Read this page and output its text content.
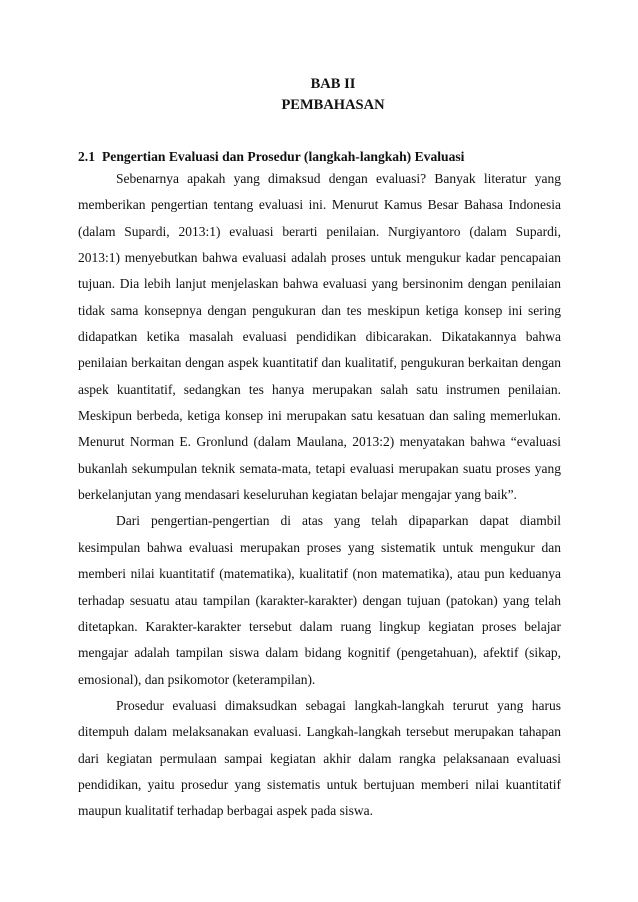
BAB II
PEMBAHASAN
2.1 Pengertian Evaluasi dan Prosedur (langkah-langkah) Evaluasi

Sebenarnya apakah yang dimaksud dengan evaluasi? Banyak literatur yang memberikan pengertian tentang evaluasi ini. Menurut Kamus Besar Bahasa Indonesia (dalam Supardi, 2013:1) evaluasi berarti penilaian. Nurgiyantoro (dalam Supardi, 2013:1) menyebutkan bahwa evaluasi adalah proses untuk mengukur kadar pencapaian tujuan. Dia lebih lanjut menjelaskan bahwa evaluasi yang bersinonim dengan penilaian tidak sama konsepnya dengan pengukuran dan tes meskipun ketiga konsep ini sering didapatkan ketika masalah evaluasi pendidikan dibicarakan. Dikatakannya bahwa penilaian berkaitan dengan aspek kuantitatif dan kualitatif, pengukuran berkaitan dengan aspek kuantitatif, sedangkan tes hanya merupakan salah satu instrumen penilaian. Meskipun berbeda, ketiga konsep ini merupakan satu kesatuan dan saling memerlukan. Menurut Norman E. Gronlund (dalam Maulana, 2013:2) menyatakan bahwa “evaluasi bukanlah sekumpulan teknik semata-mata, tetapi evaluasi merupakan suatu proses yang berkelanjutan yang mendasari keseluruhan kegiatan belajar mengajar yang baik”.

Dari pengertian-pengertian di atas yang telah dipaparkan dapat diambil kesimpulan bahwa evaluasi merupakan proses yang sistematik untuk mengukur dan memberi nilai kuantitatif (matematika), kualitatif (non matematika), atau pun keduanya terhadap sesuatu atau tampilan (karakter-karakter) dengan tujuan (patokan) yang telah ditetapkan. Karakter-karakter tersebut dalam ruang lingkup kegiatan proses belajar mengajar adalah tampilan siswa dalam bidang kognitif (pengetahuan), afektif (sikap, emosional), dan psikomotor (keterampilan).

Prosedur evaluasi dimaksudkan sebagai langkah-langkah terurut yang harus ditempuh dalam melaksanakan evaluasi. Langkah-langkah tersebut merupakan tahapan dari kegiatan permulaan sampai kegiatan akhir dalam rangka pelaksanaan evaluasi pendidikan, yaitu prosedur yang sistematis untuk bertujuan memberi nilai kuantitatif maupun kualitatif terhadap berbagai aspek pada siswa.
